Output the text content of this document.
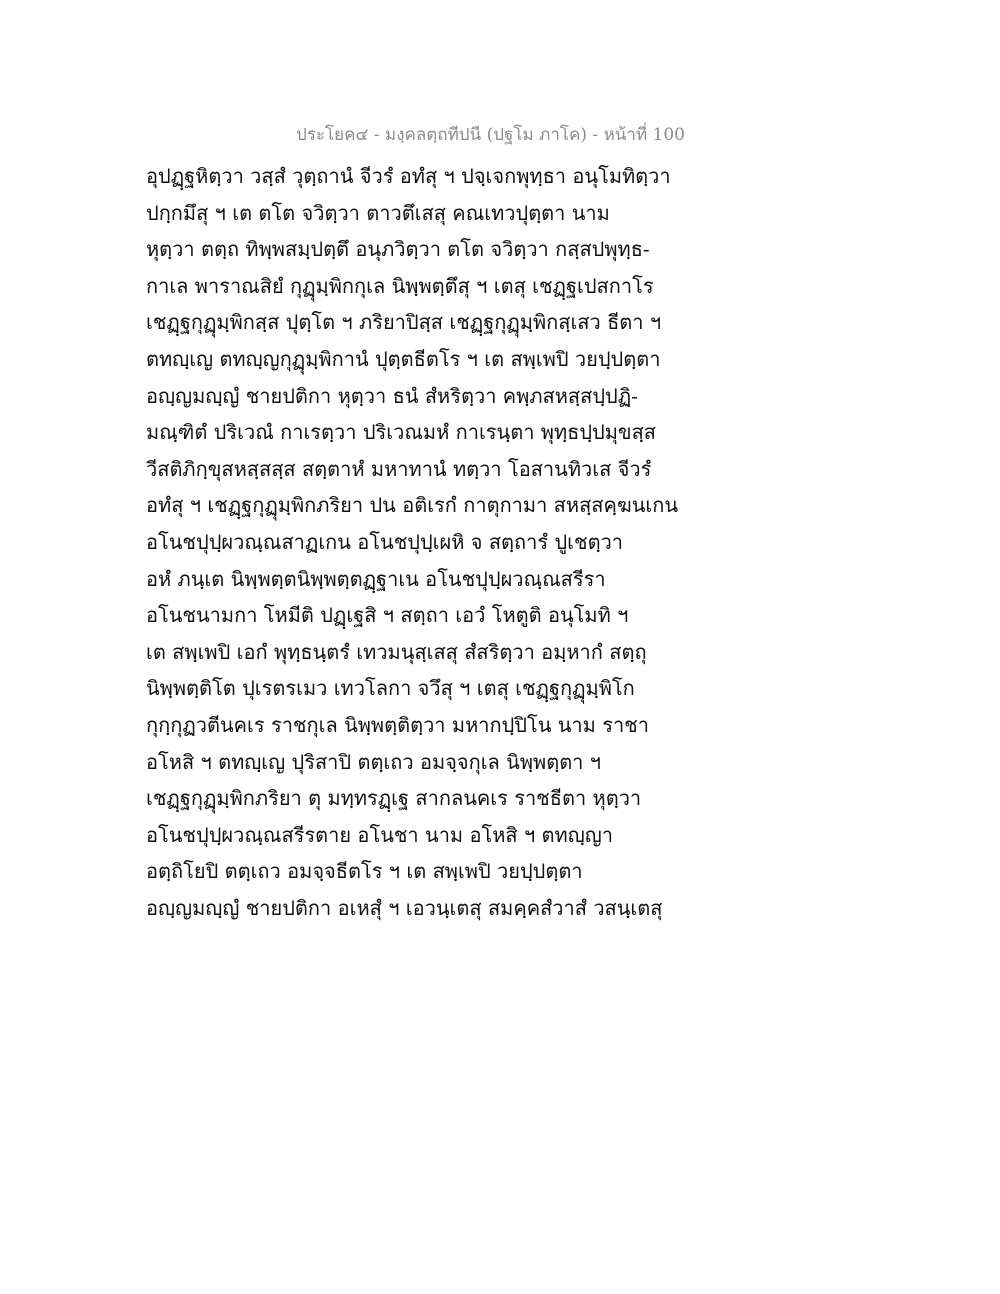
ประโยค๔ - มงฺคลตฺถทีปนี (ปฐโม ภาโค) - หน้าที่ 100
อุปฏฺฐหิตฺวา วสฺสํ วุตฺถานํ จีวรํ อทํสุ ฯ ปจฺเจกพุทฺธา อนุโมทิตฺวา
ปกฺกมึสุ ฯ เต ตโต จวิตฺวา ตาวตึเสสุ คณเทวปุตฺตา นาม
หุตฺวา ตตฺถ ทิพฺพสมฺปตฺตึ อนุภวิตฺวา ตโต จวิตฺวา กสฺสปพุทฺธ-
กาเล พาราณสิยํ กุฏุมฺพิกกุเล นิพฺพตฺตึสุ ฯ เตสุ เชฏฺฐเปสกาโร
เชฏฺฐกุฏุมฺพิกสฺส ปุตฺโต ฯ ภริยาปิสฺส เชฏฺฐกุฏุมฺพิกสฺเสว ธีตา ฯ
ตทญฺเญ ตทญฺญกุฏุมฺพิกานํ ปุตฺตธีตโร ฯ เต สพฺเพปิ วยปฺปตฺตา
อญฺญมญฺญํ ชายปติกา หุตฺวา ธนํ สํหริตฺวา คพฺภสหสฺสปฺปฏิ-
มณฺฑิตํ ปริเวณํ กาเรตฺวา ปริเวณมหํ กาเรนฺตา พุทฺธปฺปมุขสฺส
วีสติภิกฺขุสหสฺสสฺส สตฺตาหํ มหาทานํ ทตฺวา โอสานทิวเส จีวรํ
อทํสุ ฯ เชฏฺฐกุฏุมฺพิกภริยา ปน อติเรกํ กาตุกามา สหสฺสคฺฆนเกน
อโนชปุปฺผวณฺณสาฏเกน อโนชปุปฺเผหิ จ สตฺถารํ ปูเชตฺวา
อหํ ภนฺเต นิพฺพตฺตนิพฺพตฺตฏฺฐาเน อโนชปุปฺผวณฺณสรีรา
อโนชนามกา โหมีติ ปฏฺเฐสิ ฯ สตฺถา เอวํ โหตูติ อนุโมทิ ฯ
เต สพฺเพปิ เอกํ พุทฺธนฺตรํ เทวมนุสฺเสสุ สํสริตฺวา อมฺหากํ สตฺถุ
นิพฺพตฺติโต ปุเรตรเมว เทวโลกา จวึสุ ฯ เตสุ เชฏฺฐกุฏุมฺพิโก
กุกฺกุฏวตีนคเร ราชกุเล นิพฺพตฺติตฺวา มหากปฺปิโน นาม ราชา
อโหสิ ฯ ตทญฺเญ ปุริสาปิ ตตฺเถว อมจฺจกุเล นิพฺพตฺตา ฯ
เชฏฺฐกุฏุมฺพิกภริยา ตุ มทฺทรฏฺเฐ สากลนคเร ราชธีตา หุตฺวา
อโนชปุปฺผวณฺณสรีรตาย อโนชา นาม อโหสิ ฯ ตทญฺญา
อตฺถิโยปิ ตตฺเถว อมจฺจธีตโร ฯ เต สพฺเพปิ วยปฺปตฺตา
อญฺญมญฺญํ ชายปติกา อเหสุํ ฯ เอวนฺเตสุ สมคฺคสํวาสํ วสนฺเตสุ
